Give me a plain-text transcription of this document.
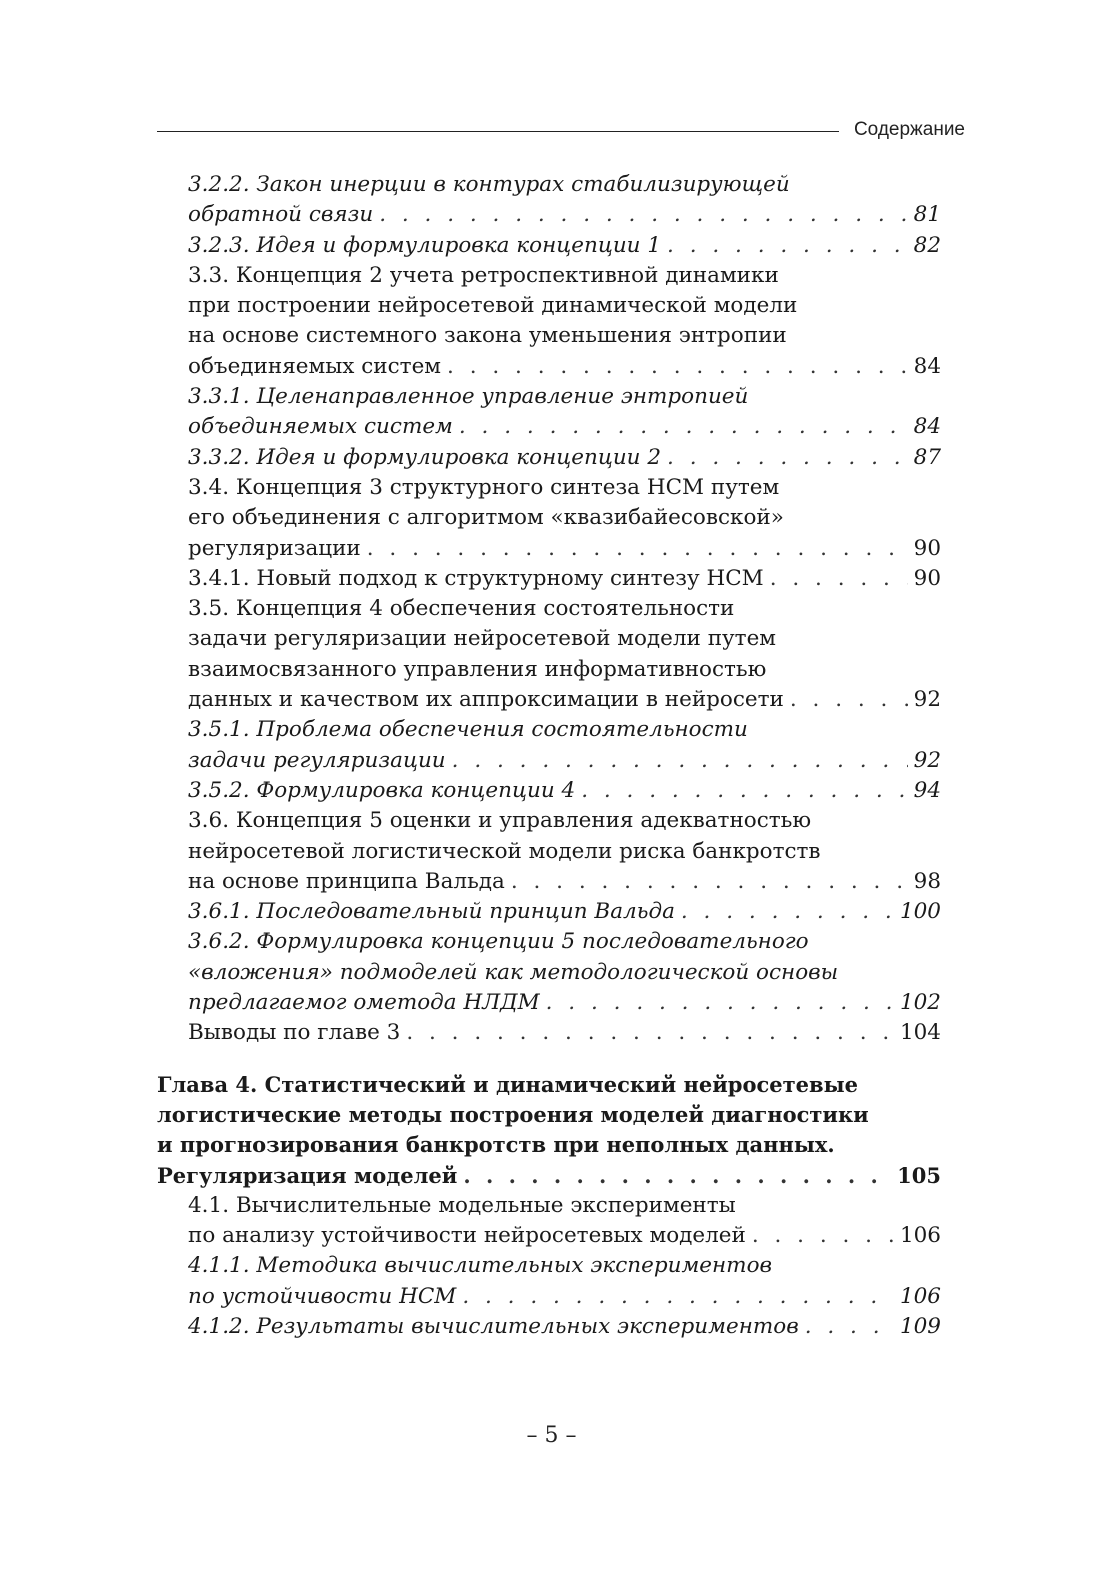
Содержание
3.2.2. Закон инерции в контурах стабилизирующей
обратной связи . . .	81
3.2.3. Идея и формулировка концепции 1 . . .	82
3.3. Концепция 2 учета ретроспективной динамики
при построении нейросетевой динамической модели
на основе системного закона уменьшения энтропии
объединяемых систем . . .	84
3.3.1. Целенаправленное управление энтропией
объединяемых систем . . .	84
3.3.2. Идея и формулировка концепции 2 . . .	87
3.4. Концепция 3 структурного синтеза НСМ путем
его объединения с алгоритмом «квазибайесовской»
регуляризации . . .	90
3.4.1. Новый подход к структурному синтезу НСМ . . .	90
3.5. Концепция 4 обеспечения состоятельности
задачи регуляризации нейросетевой модели путем
взаимосвязанного управления информативностью
данных и качеством их аппроксимации в нейросети . . .	92
3.5.1. Проблема обеспечения состоятельности
задачи регуляризации . . .	92
3.5.2. Формулировка концепции 4 . . .	94
3.6. Концепция 5 оценки и управления адекватностью
нейросетевой логистической модели риска банкротств
на основе принципа Вальда . . .	98
3.6.1. Последовательный принцип Вальда . . .	100
3.6.2. Формулировка концепции 5 последовательного
«вложения» подмоделей как методологической основы
предлагаемог ометода НЛДМ . . .	102
Выводы по главе 3 . . .	104
Глава 4. Статистический и динамический нейросетевые
логистические методы построения моделей диагностики
и прогнозирования банкротств при неполных данных.
Регуляризация моделей . . .	105
4.1. Вычислительные модельные эксперименты
по анализу устойчивости нейросетевых моделей . . .	106
4.1.1. Методика вычислительных экспериментов
по устойчивости НСМ . . .	106
4.1.2. Результаты вычислительных экспериментов . . .	109
– 5 –
